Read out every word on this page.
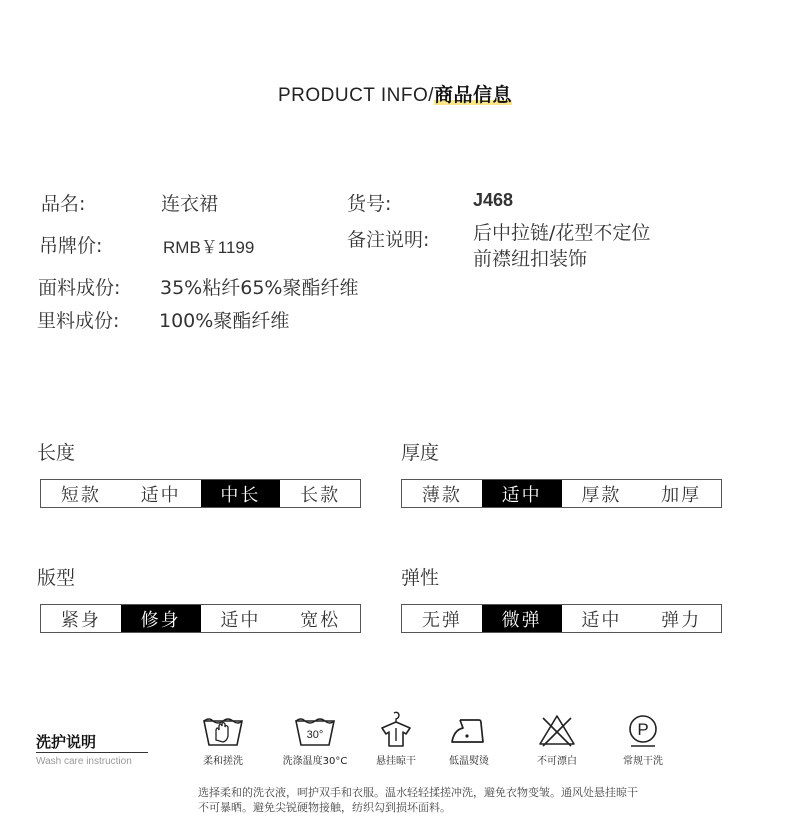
PRODUCT INFO/商品信息
品名:	连衣裙	货号:	J468
吊牌价:	RMB￥1199	备注说明: 后中拉链/花型不定位
前襟纽扣装饰
面料成份: 35%粘纤65%聚酯纤维
里料成份: 100%聚酯纤维
长度
短款	适中	中长	长款
厚度
薄款	适中	厚款	加厚
版型
紧身	修身	适中	宽松
弹性
无弹	微弹	适中	弹力
洗护说明
Wash care instruction	柔和搓洗
30°
洗涤温度30°C	悬挂晾干	低温熨烫	不可漂白
P
常规干洗
选择柔和的洗衣液，呵护双手和衣服。温水轻轻揉搓冲洗，避免衣物变皱。通风处悬挂晾干
不可暴晒。避免尖锐硬物接触，纺织勾到损坏面料。
